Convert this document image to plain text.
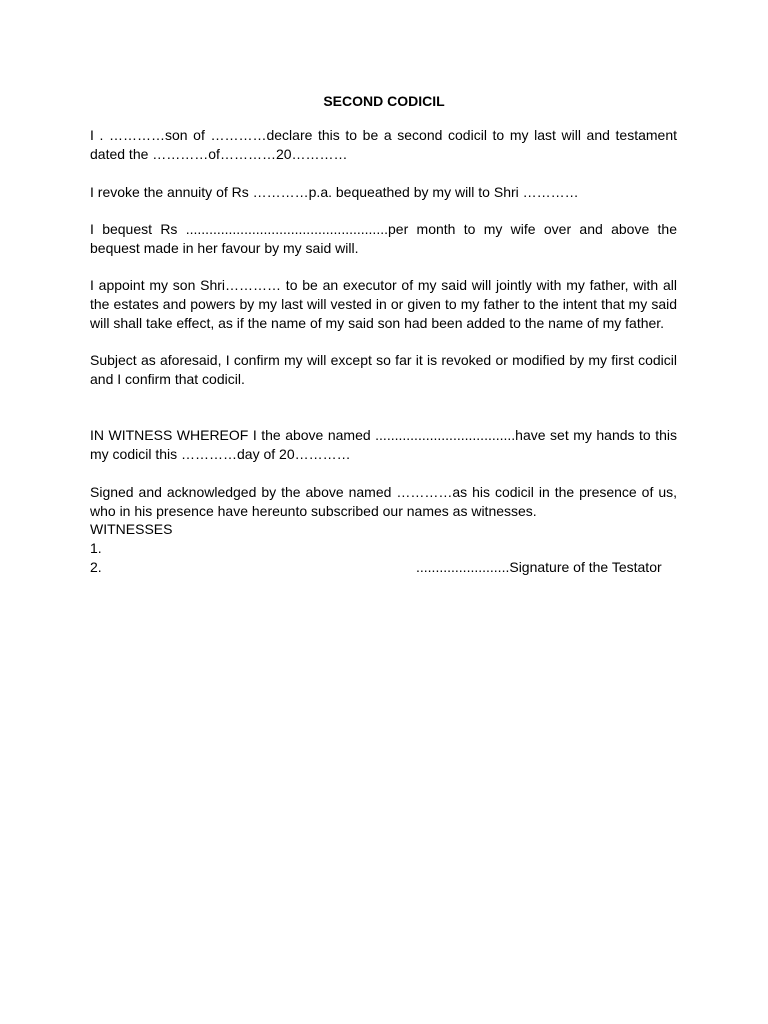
SECOND CODICIL

I . …………son of …………declare this to be a second codicil to my last will and testament dated the …………of…………20…………

I revoke the annuity of Rs …………p.a. bequeathed by my will to Shri …………

I bequest Rs ....................................................per month to my wife over and above the bequest made in her favour by my said will.

I appoint my son Shri………… to be an executor of my said will jointly with my father, with all the estates and powers by my last will vested in or given to my father to the intent that my said will shall take effect, as if the name of my said son had been added to the name of my father.

Subject as aforesaid, I confirm my will except so far it is revoked or modified by my first codicil and I confirm that codicil.

IN WITNESS WHEREOF I the above named ....................................have set my hands to this my codicil this …………day of 20…………

Signed and acknowledged by the above named …………as his codicil in the presence of us, who in his presence have hereunto subscribed our names as witnesses.

WITNESSES
1.
2.	........................Signature of the Testator
